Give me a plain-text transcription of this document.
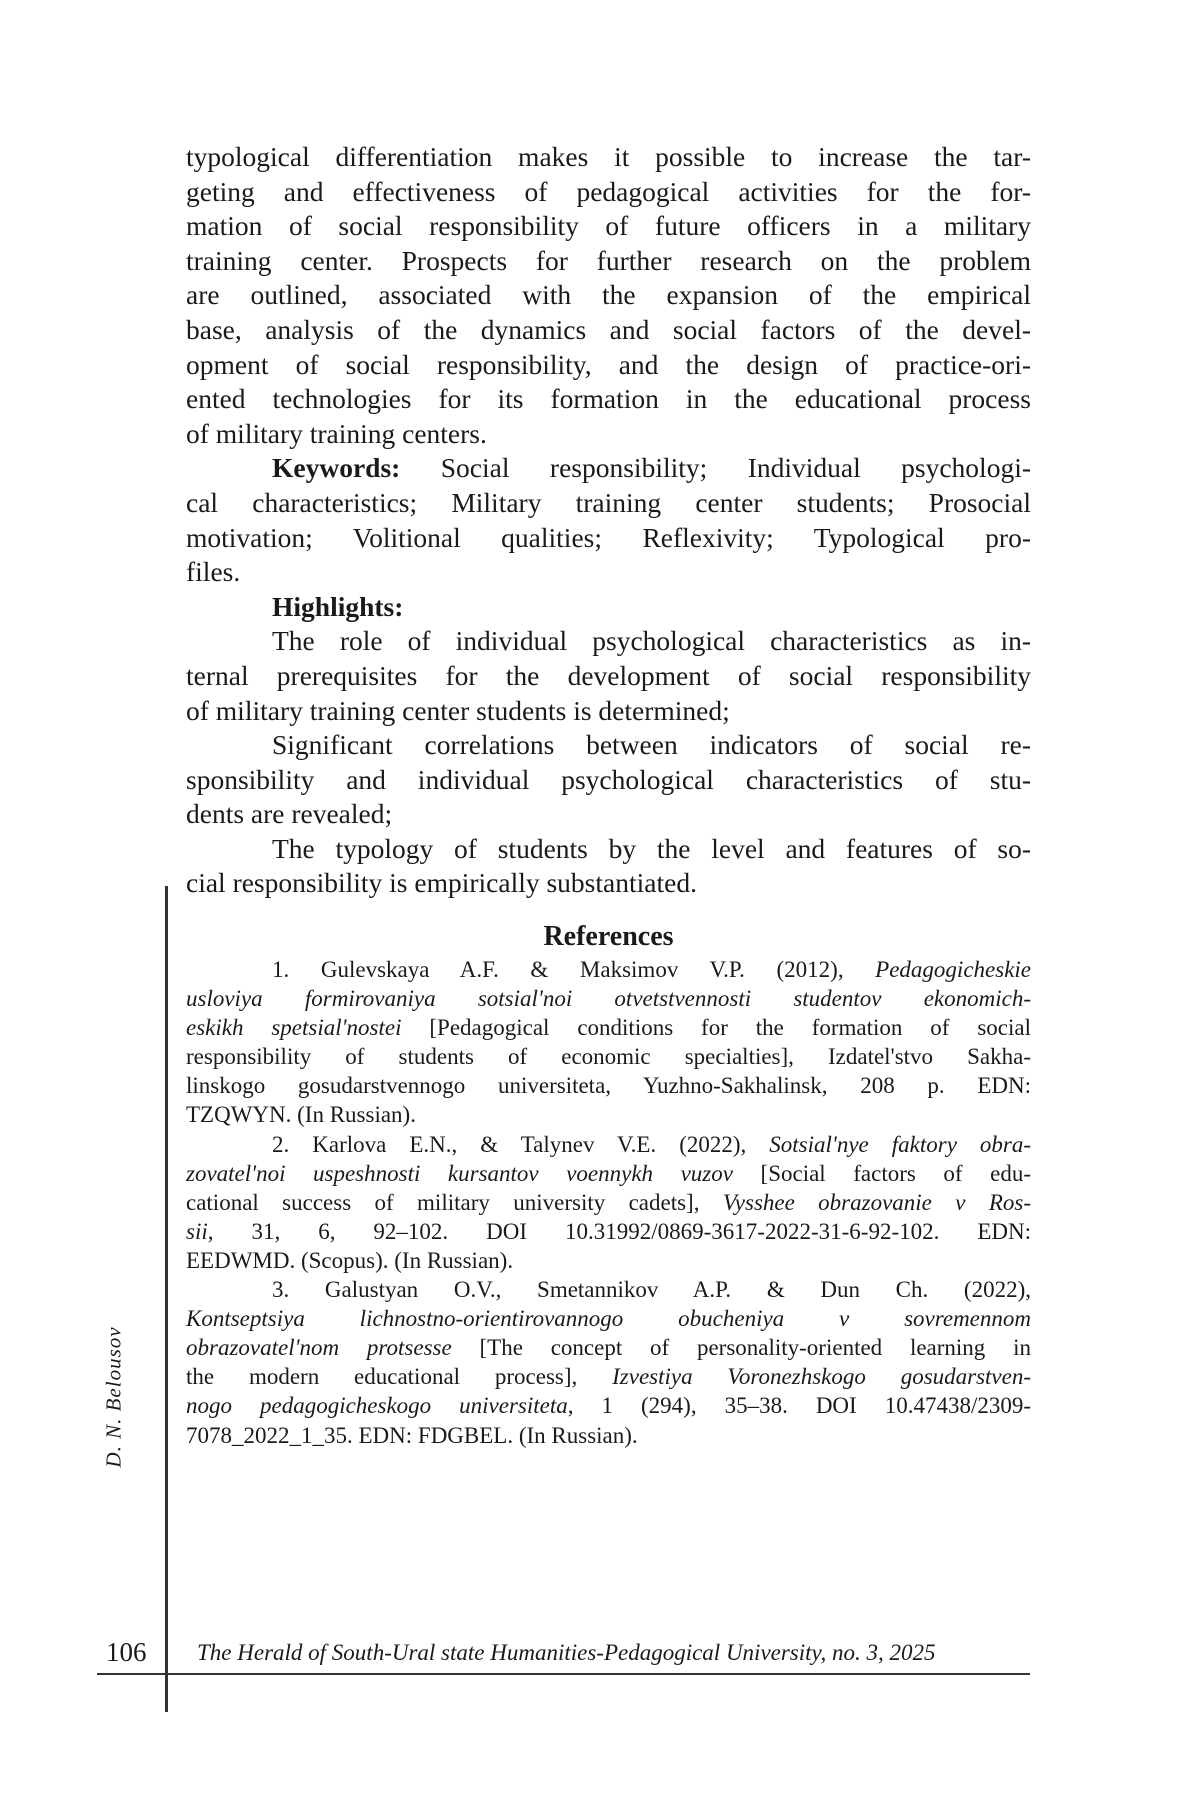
typological differentiation makes it possible to increase the tar-
geting and effectiveness of pedagogical activities for the for-
mation of social responsibility of future officers in a military
training center. Prospects for further research on the problem
are outlined, associated with the expansion of the empirical
base, analysis of the dynamics and social factors of the devel-
opment of social responsibility, and the design of practice-ori-
ented technologies for its formation in the educational process
of military training centers.
Keywords: Social responsibility; Individual psychologi-
cal characteristics; Military training center students; Prosocial
motivation; Volitional qualities; Reflexivity; Typological pro-
files.
Highlights:
The role of individual psychological characteristics as in-
ternal prerequisites for the development of social responsibility
of military training center students is determined;
Significant correlations between indicators of social re-
sponsibility and individual psychological characteristics of stu-
dents are revealed;
The typology of students by the level and features of so-
cial responsibility is empirically substantiated.
References
1. Gulevskaya A.F. & Maksimov V.P. (2012), Pedagogicheskie
usloviya formirovaniya sotsial'noi otvetstvennosti studentov ekonomich-
eskikh spetsial'nostei [Pedagogical conditions for the formation of social
responsibility of students of economic specialties], Izdatel'stvo Sakha-
linskogo gosudarstvennogo universiteta, Yuzhno-Sakhalinsk, 208 p. EDN:
TZQWYN. (In Russian).
2. Karlova E.N., & Talynev V.E. (2022), Sotsial'nye faktory obra-
zovatel'noi uspeshnosti kursantov voennykh vuzov [Social factors of edu-
cational success of military university cadets], Vysshee obrazovanie v Ros-
sii, 31, 6, 92–102. DOI 10.31992/0869-3617-2022-31-6-92-102. EDN:
EEDWMD. (Scopus). (In Russian).
3. Galustyan O.V., Smetannikov A.P. & Dun Ch. (2022),
Kontseptsiya lichnostno-orientirovannogo obucheniya v sovremennom
obrazovatel'nom protsesse [The concept of personality-oriented learning in
the modern educational process], Izvestiya Voronezhskogo gosudarstven-
nogo pedagogicheskogo universiteta, 1 (294), 35–38. DOI 10.47438/2309-
7078_2022_1_35. EDN: FDGBEL. (In Russian).
106 The Herald of South-Ural state Humanities-Pedagogical University, no. 3, 2025
D. N. Belousov
